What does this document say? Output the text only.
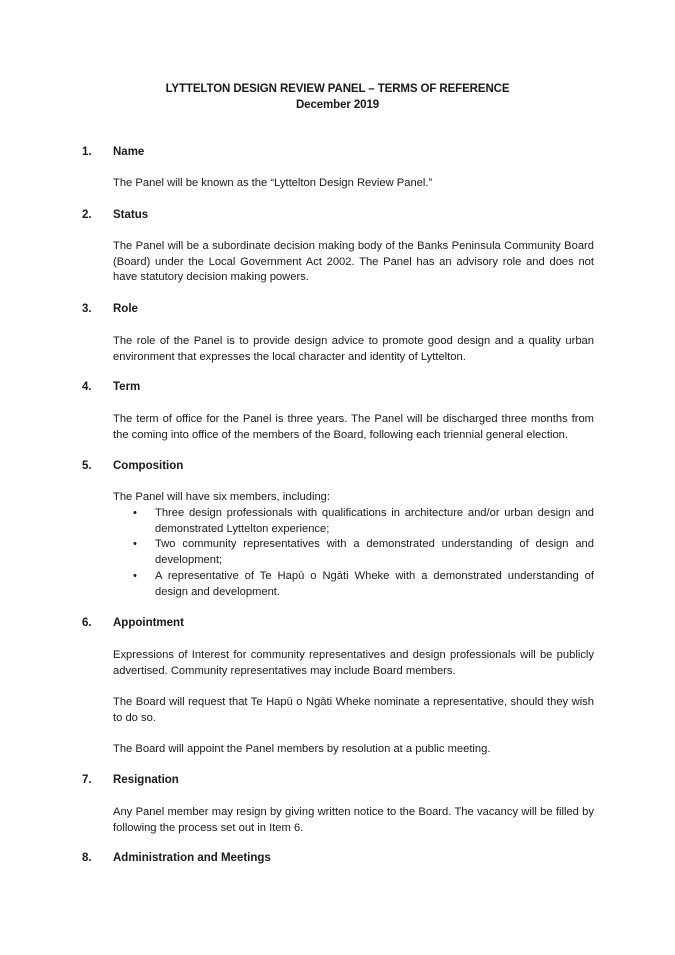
LYTTELTON DESIGN REVIEW PANEL – TERMS OF REFERENCE
December 2019
1. Name
The Panel will be known as the “Lyttelton Design Review Panel.”
2. Status
The Panel will be a subordinate decision making body of the Banks Peninsula Community Board (Board) under the Local Government Act 2002. The Panel has an advisory role and does not have statutory decision making powers.
3. Role
The role of the Panel is to provide design advice to promote good design and a quality urban environment that expresses the local character and identity of Lyttelton.
4. Term
The term of office for the Panel is three years. The Panel will be discharged three months from the coming into office of the members of the Board, following each triennial general election.
5. Composition
The Panel will have six members, including:
• Three design professionals with qualifications in architecture and/or urban design and demonstrated Lyttelton experience;
• Two community representatives with a demonstrated understanding of design and development;
• A representative of Te Hapū o Ngāti Wheke with a demonstrated understanding of design and development.
6. Appointment
Expressions of Interest for community representatives and design professionals will be publicly advertised. Community representatives may include Board members.
The Board will request that Te Hapū o Ngāti Wheke nominate a representative, should they wish to do so.
The Board will appoint the Panel members by resolution at a public meeting.
7. Resignation
Any Panel member may resign by giving written notice to the Board. The vacancy will be filled by following the process set out in Item 6.
8. Administration and Meetings
